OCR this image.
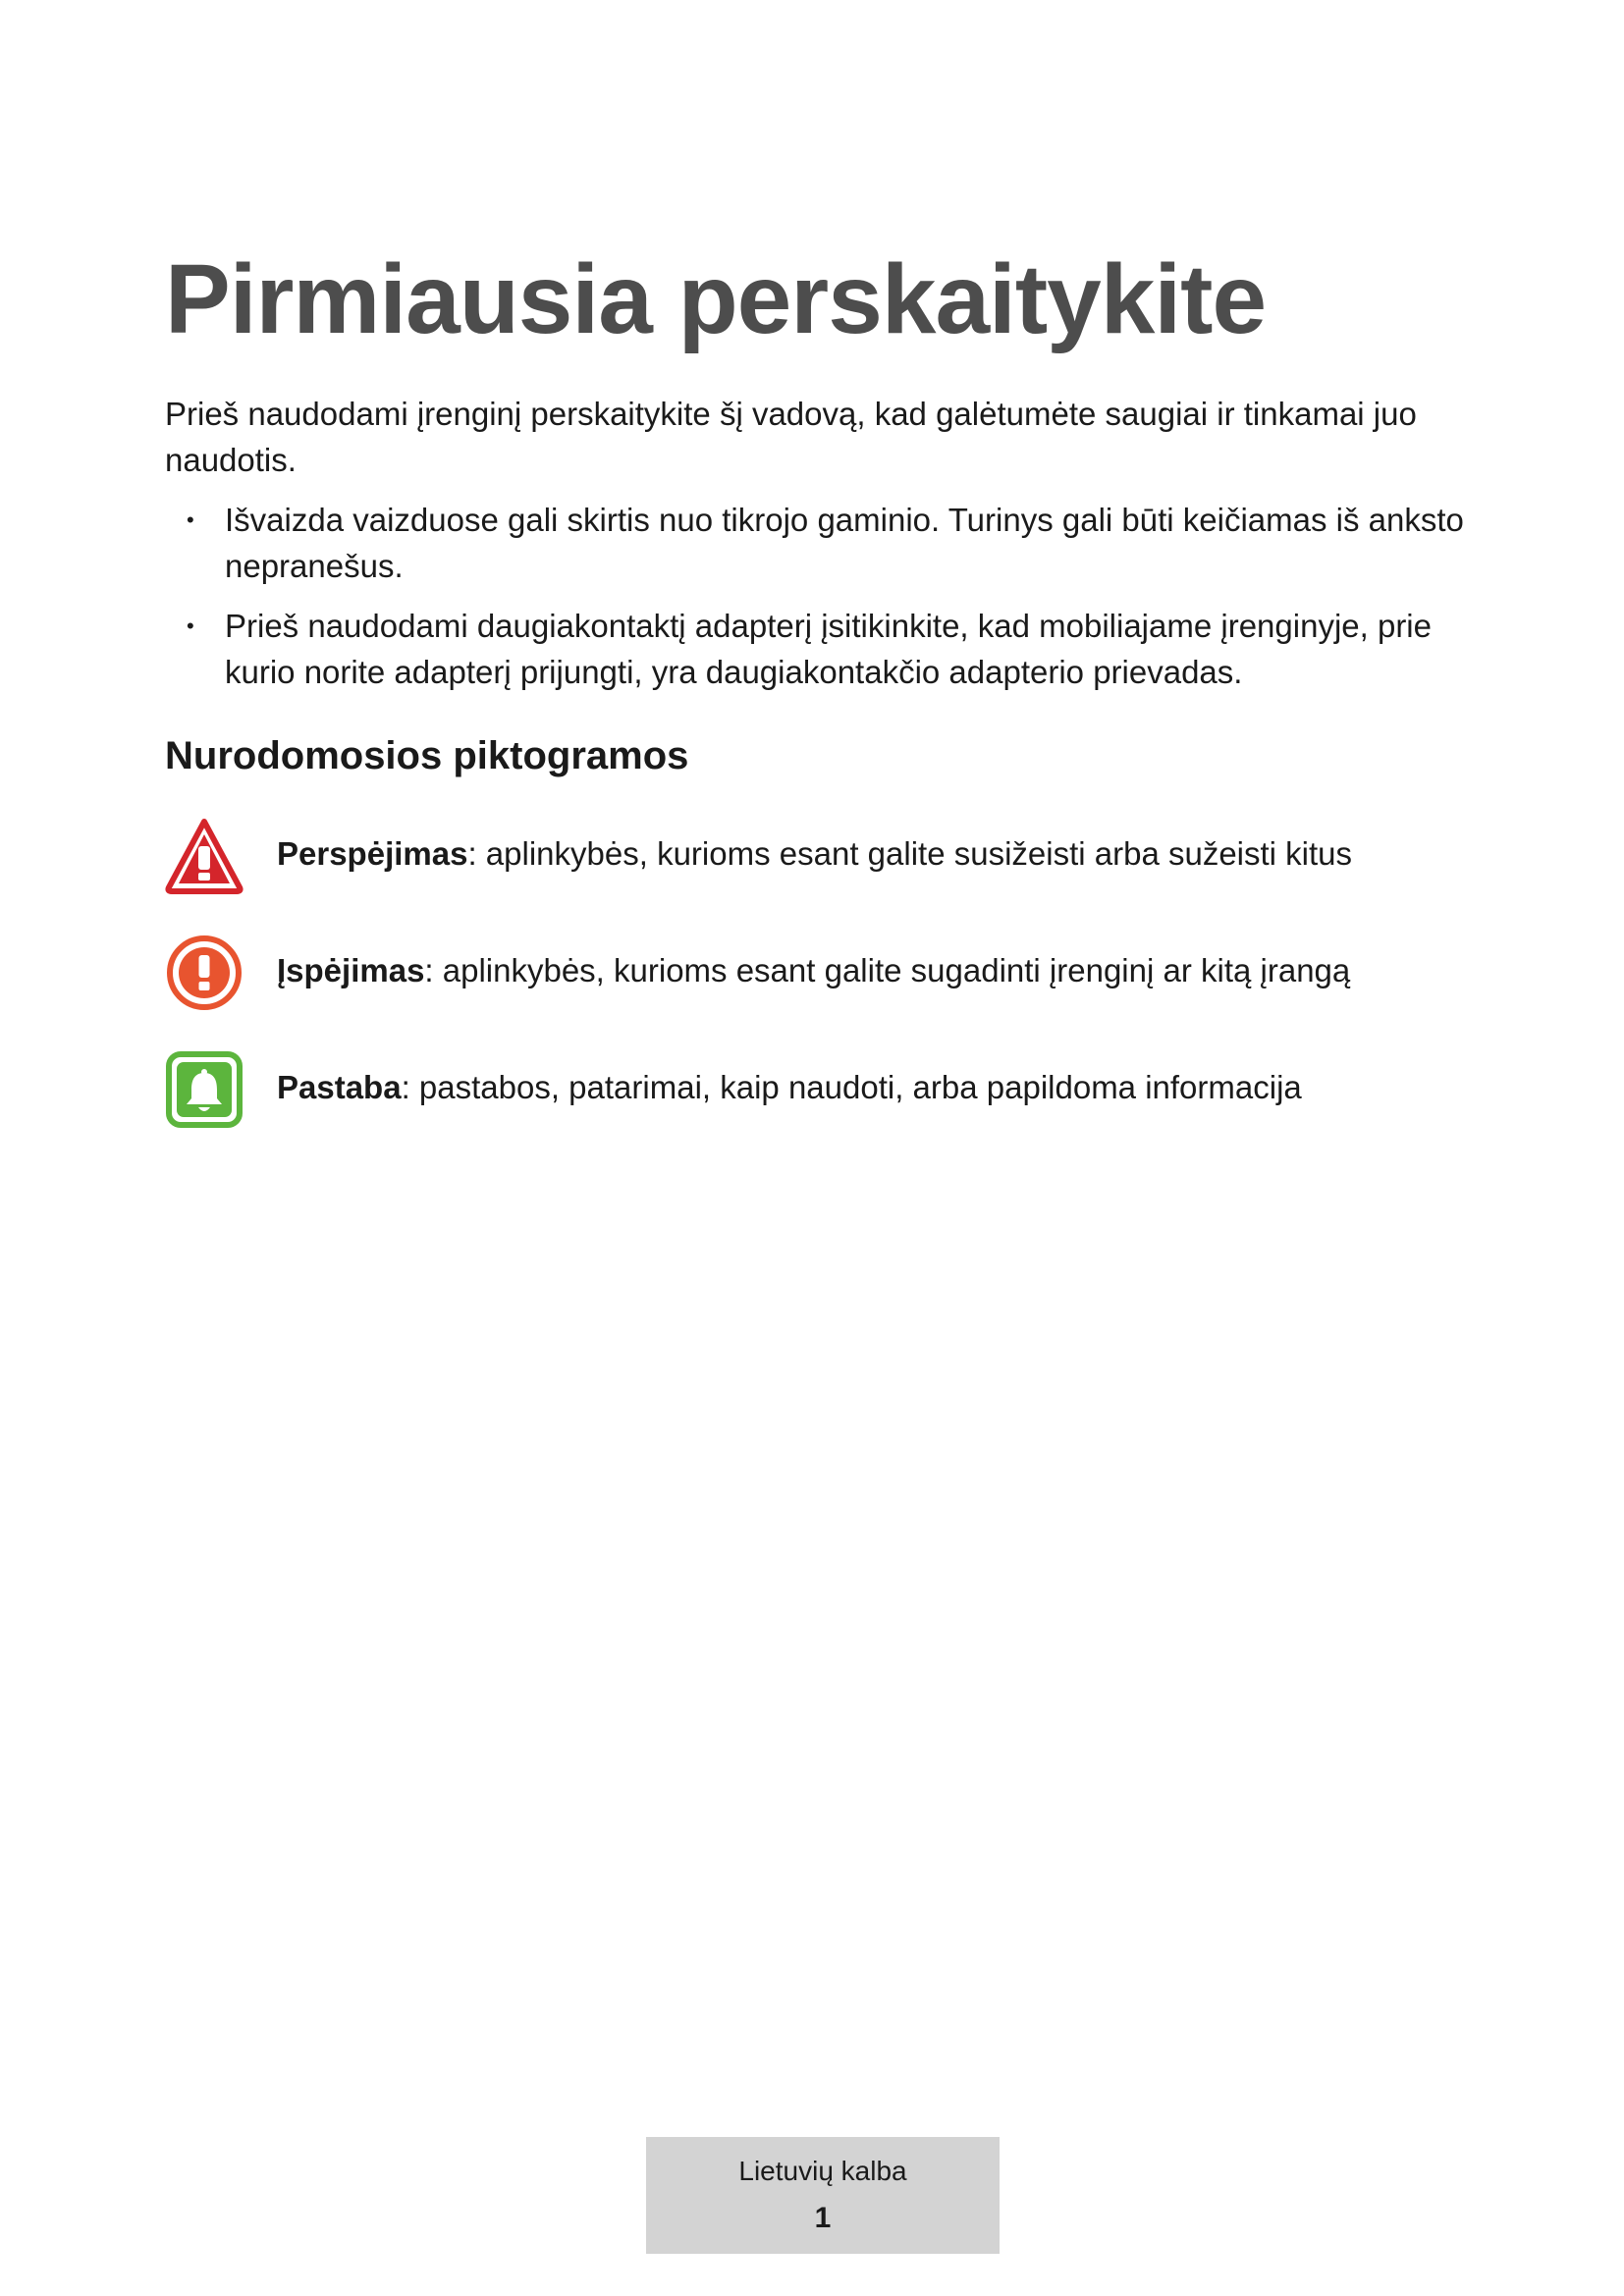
Pirmiausia perskaitykite

Prieš naudodami įrenginį perskaitykite šį vadovą, kad galėtumėte saugiai ir tinkamai juo naudotis.

• Išvaizda vaizduose gali skirtis nuo tikrojo gaminio. Turinys gali būti keičiamas iš anksto nepranešus.
• Prieš naudodami daugiakontaktį adapterį įsitikinkite, kad mobiliajame įrenginyje, prie kurio norite adapterį prijungti, yra daugiakontakčio adapterio prievadas.
Nurodomosios piktogramos
Perspėjimas: aplinkybės, kurioms esant galite susižeisti arba sužeisti kitus
Įspėjimas: aplinkybės, kurioms esant galite sugadinti įrenginį ar kitą įrangą
Pastaba: pastabos, patarimai, kaip naudoti, arba papildoma informacija
Lietuvių kalba
1
